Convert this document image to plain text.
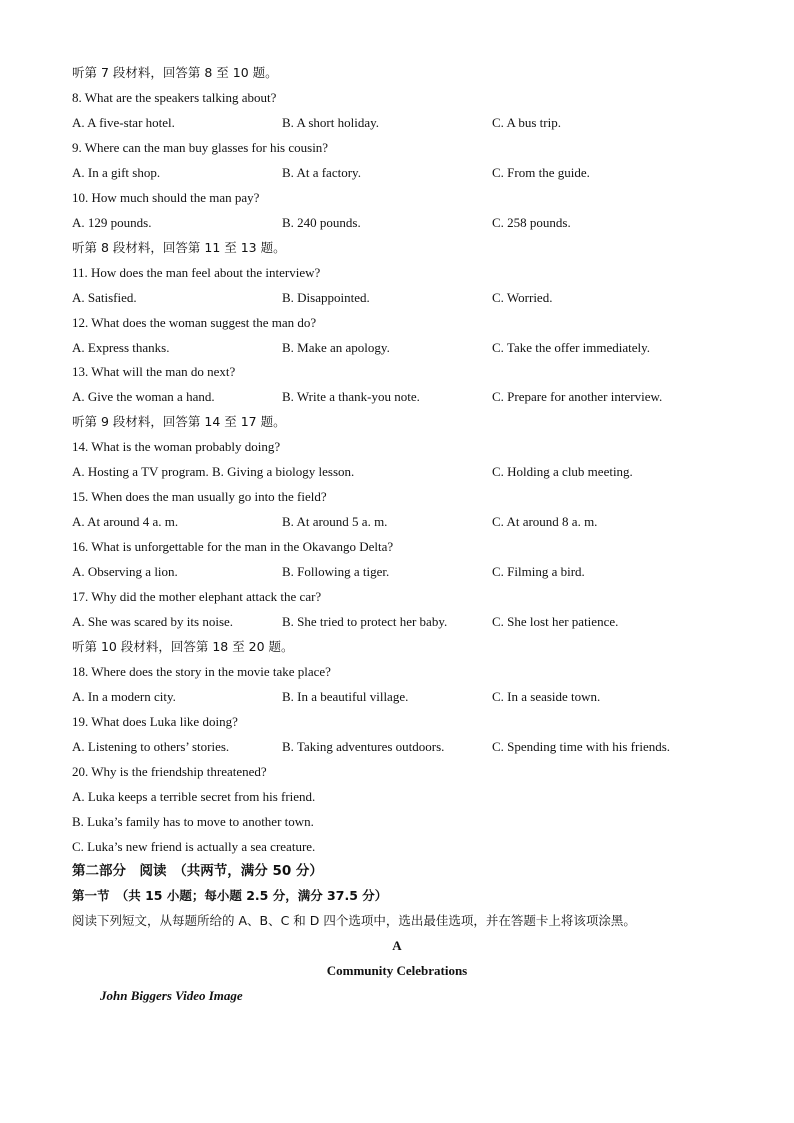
听第 7 段材料，回答第 8 至 10 题。
8. What are the speakers talking about?
A. A five-star hotel.	B. A short holiday.	C. A bus trip.
9. Where can the man buy glasses for his cousin?
A. In a gift shop.	B. At a factory.	C. From the guide.
10. How much should the man pay?
A. 129 pounds.	B. 240 pounds.	C. 258 pounds.
听第 8 段材料，回答第 11 至 13 题。
11. How does the man feel about the interview?
A. Satisfied.	B. Disappointed.	C. Worried.
12. What does the woman suggest the man do?
A. Express thanks.	B. Make an apology.	C. Take the offer immediately.
13. What will the man do next?
A. Give the woman a hand.	B. Write a thank-you note.	C. Prepare for another interview.
听第 9 段材料，回答第 14 至 17 题。
14. What is the woman probably doing?
A. Hosting a TV program. B. Giving a biology lesson.	C. Holding a club meeting.
15. When does the man usually go into the field?
A. At around 4 a. m.	B. At around 5 a. m.	C. At around 8 a. m.
16. What is unforgettable for the man in the Okavango Delta?
A. Observing a lion.	B. Following a tiger.	C. Filming a bird.
17. Why did the mother elephant attack the car?
A. She was scared by its noise.	B. She tried to protect her baby.	C. She lost her patience.
听第 10 段材料，回答第 18 至 20 题。
18. Where does the story in the movie take place?
A. In a modern city.	B. In a beautiful village.	C. In a seaside town.
19. What does Luka like doing?
A. Listening to others’ stories.	B. Taking adventures outdoors.	C. Spending time with his friends.
20. Why is the friendship threatened?
A. Luka keeps a terrible secret from his friend.
B. Luka’s family has to move to another town.
C. Luka’s new friend is actually a sea creature.
第二部分　阅读　（共两节，满分 50 分）
第一节　（共 15 小题；每小题 2.5 分，满分 37.5 分）
阅读下列短文，从每题所给的 A、B、C 和 D 四个选项中，选出最佳选项，并在答题卡上将该项涂黑。
A
Community Celebrations
John Biggers Video Image
